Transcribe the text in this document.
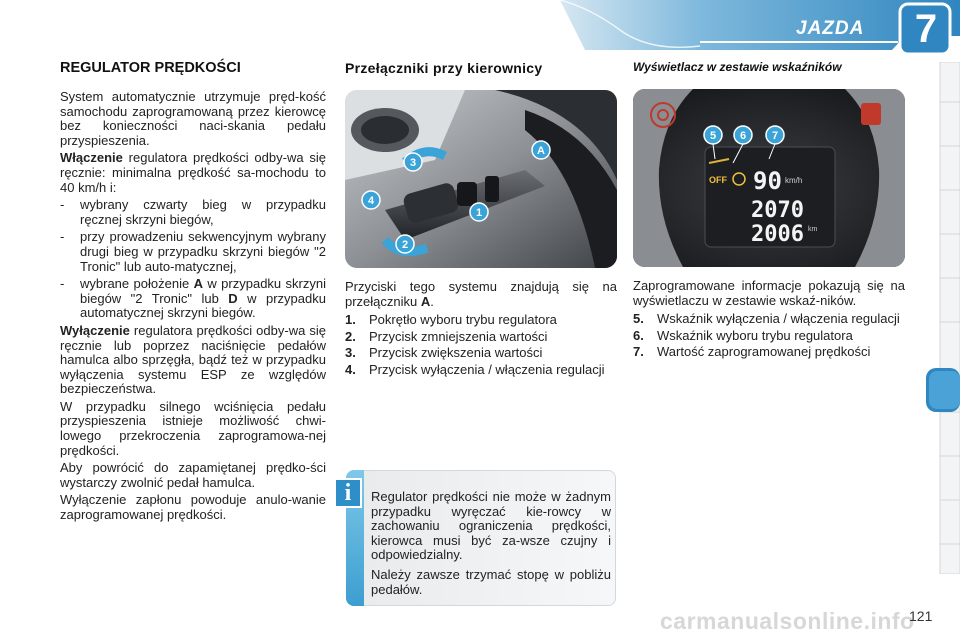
JAZDA 7
REGULATOR PRĘDKOŚCI

System automatycznie utrzymuje pręd-kość samochodu zaprogramowaną przez kierowcę bez konieczności naci-skania pedału przyspieszenia.

Włączenie regulatora prędkości odby-wa się ręcznie: minimalna prędkość sa-mochodu to 40 km/h i:

- wybrany czwarty bieg w przypadku ręcznej skrzyni biegów,
- przy prowadzeniu sekwencyjnym wybrany drugi bieg w przypadku skrzyni biegów "2 Tronic" lub auto-matycznej,
- wybrane położenie A w przypadku skrzyni biegów "2 Tronic" lub D w przypadku automatycznej skrzyni biegów.

Wyłączenie regulatora prędkości odby-wa się ręcznie lub poprzez naciśnięcie pedałów hamulca albo sprzęgła, bądź też w przypadku wyłączenia systemu ESP ze względów bezpieczeństwa.

W przypadku silnego wciśnięcia pedału przyspieszenia istnieje możliwość chwi-lowego przekroczenia zaprogramowa-nej prędkości.

Aby powrócić do zapamiętanej prędko-ści wystarczy zwolnić pedał hamulca.

Wyłączenie zapłonu powoduje anulo-wanie zaprogramowanej prędkości.

Przełączniki przy kierownicy
1
2
3
4
A

Przyciski tego systemu znajdują się na przełączniku A.

1.	Pokrętło wyboru trybu regulatora
2.	Przycisk zmniejszenia wartości
3.	Przycisk zwiększenia wartości
4.	Przycisk wyłączenia / włączenia regulacji
Wyświetlacz w zestawie wskaźników
5 6 7
OFF 90 km/h
2070
2006 km

Zaprogramowane informacje pokazują się na wyświetlaczu w zestawie wskaź-ników.

5.	Wskaźnik wyłączenia / włączenia regulacji
6.	Wskaźnik wyboru trybu regulatora
7.	Wartość zaprogramowanej prędkości
i	Regulator prędkości nie może w żadnym przypadku wyręczać kie-rowcy w zachowaniu ograniczenia prędkości, kierowca musi być za-wsze czujny i odpowiedzialny.

Należy zawsze trzymać stopę w pobliżu pedałów.

carmanualsonline.info
121
